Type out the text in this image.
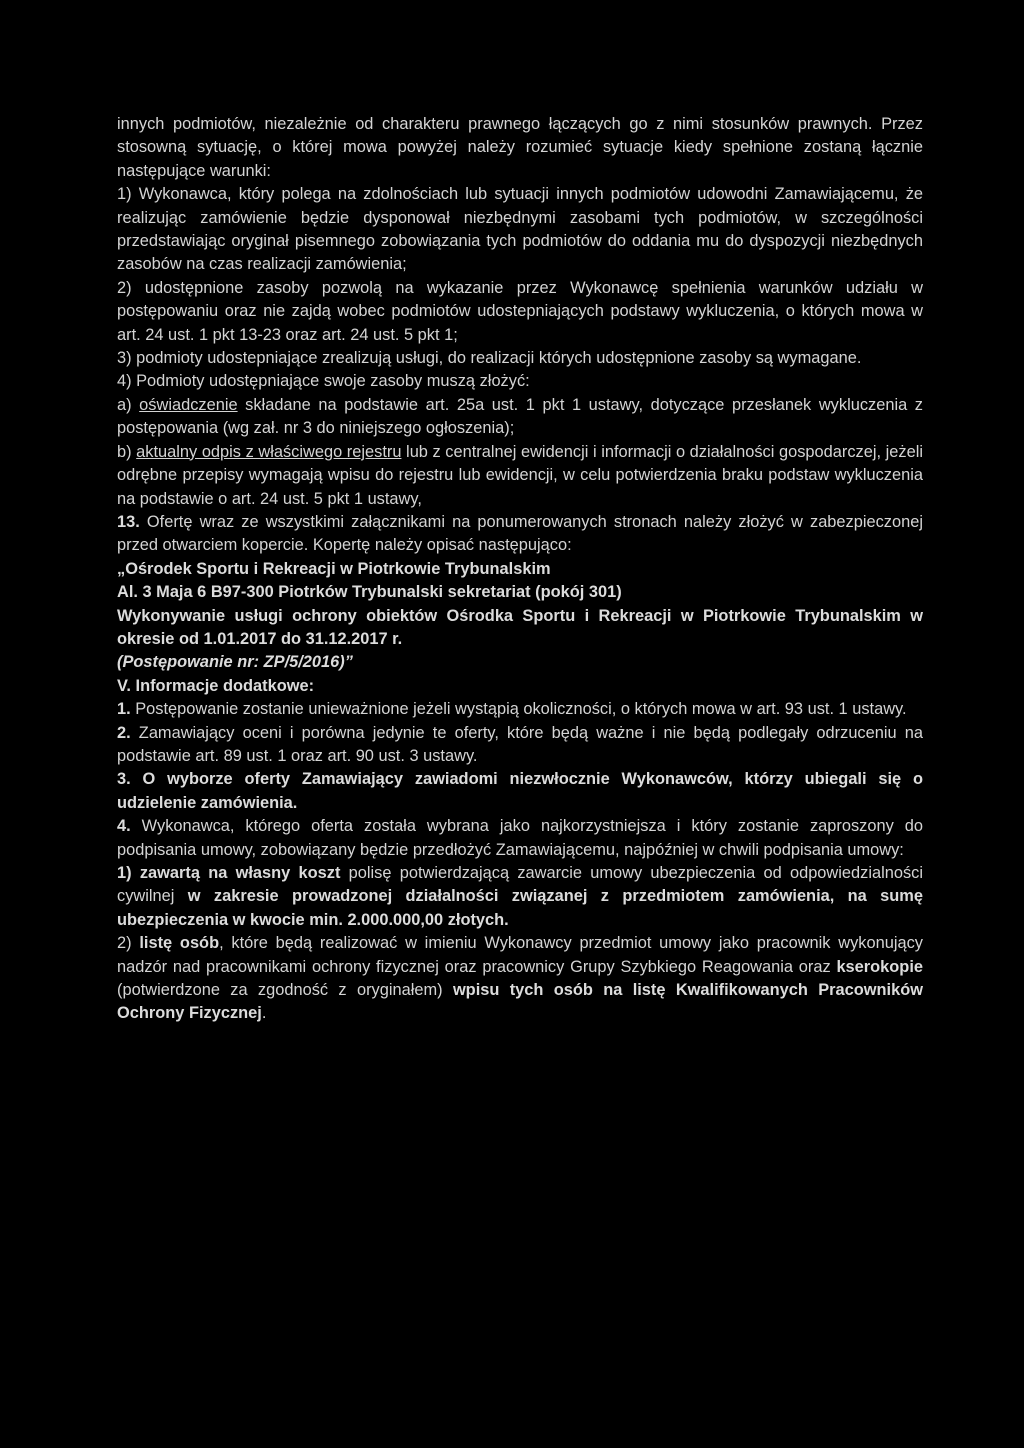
innych podmiotów, niezależnie od charakteru prawnego łączących go z nimi stosunków prawnych. Przez stosowną sytuację, o której mowa powyżej należy rozumieć sytuacje kiedy spełnione zostaną łącznie następujące warunki:

1) Wykonawca, który polega na zdolnościach lub sytuacji innych podmiotów udowodni Zamawiającemu, że realizując zamówienie będzie dysponował niezbędnymi zasobami tych podmiotów, w szczególności przedstawiając oryginał pisemnego zobowiązania tych podmiotów do oddania mu do dyspozycji niezbędnych zasobów na czas realizacji zamówienia;

2) udostępnione zasoby pozwolą na wykazanie przez Wykonawcę spełnienia warunków udziału w postępowaniu oraz nie zajdą wobec podmiotów udostepniających podstawy wykluczenia, o których mowa w art. 24 ust. 1 pkt 13-23 oraz art. 24 ust. 5 pkt 1;

3) podmioty udostepniające zrealizują usługi, do realizacji których udostępnione zasoby są wymagane.

4) Podmioty udostępniające swoje zasoby muszą złożyć:

a) oświadczenie składane na podstawie art. 25a ust. 1 pkt 1 ustawy, dotyczące przesłanek wykluczenia z postępowania (wg zał. nr 3 do niniejszego ogłoszenia);

b) aktualny odpis z właściwego rejestru lub z centralnej ewidencji i informacji o działalności gospodarczej, jeżeli odrębne przepisy wymagają wpisu do rejestru lub ewidencji, w celu potwierdzenia braku podstaw wykluczenia na podstawie o art. 24 ust. 5 pkt 1 ustawy,

13. Ofertę wraz ze wszystkimi załącznikami na ponumerowanych stronach należy złożyć w zabezpieczonej przed otwarciem kopercie. Kopertę należy opisać następująco:

„Ośrodek Sportu i Rekreacji w Piotrkowie Trybunalskim

Al. 3 Maja 6 B97-300 Piotrków Trybunalski sekretariat (pokój 301)

Wykonywanie usługi ochrony obiektów Ośrodka Sportu i Rekreacji w Piotrkowie Trybunalskim w okresie od 1.01.2017 do 31.12.2017 r.

(Postępowanie nr: ZP/5/2016)”

V. Informacje dodatkowe:

1. Postępowanie zostanie unieważnione jeżeli wystąpią okoliczności, o których mowa w art. 93 ust. 1 ustawy.

2. Zamawiający oceni i porówna jedynie te oferty, które będą ważne i nie będą podlegały odrzuceniu na podstawie art. 89 ust. 1 oraz art. 90 ust. 3 ustawy.

3. O wyborze oferty Zamawiający zawiadomi niezwłocznie Wykonawców, którzy ubiegali się o udzielenie zamówienia.

4. Wykonawca, którego oferta została wybrana jako najkorzystniejsza i który zostanie zaproszony do podpisania umowy, zobowiązany będzie przedłożyć Zamawiającemu, najpóźniej w chwili podpisania umowy:

1) zawartą na własny koszt polisę potwierdzającą zawarcie umowy ubezpieczenia od odpowiedzialności cywilnej w zakresie prowadzonej działalności związanej z przedmiotem zamówienia, na sumę ubezpieczenia w kwocie min. 2.000.000,00 złotych.

2) listę osób, które będą realizować w imieniu Wykonawcy przedmiot umowy jako pracownik wykonujący nadzór nad pracownikami ochrony fizycznej oraz pracownicy Grupy Szybkiego Reagowania oraz kserokopie (potwierdzone za zgodność z oryginałem) wpisu tych osób na listę Kwalifikowanych Pracowników Ochrony Fizycznej.
